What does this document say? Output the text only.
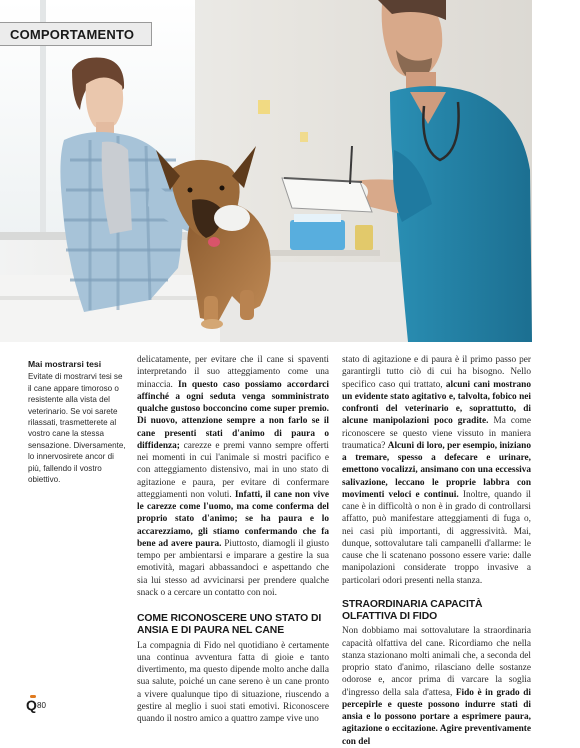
COMPORTAMENTO

Mai mostrarsi tesi

Evitate di mostrarvi tesi se il cane appare timoroso o resistente alla vista del veterinario. Se voi sarete rilassati, trasmetterete al vostro cane la stessa sensazione. Diversamente, lo innervosirete ancor di più, fallendo il vostro obiettivo.

delicatamente, per evitare che il cane si spaventi interpretando il suo atteggiamento come una minaccia. In questo caso possiamo accordarci affinché a ogni seduta venga somministrato qualche gustoso bocconcino come super premio. Di nuovo, attenzione sempre a non farlo se il cane presenti stati d'animo di paura o diffidenza; carezze e premi vanno sempre offerti nei momenti in cui l'animale si mostri pacifico e con atteggiamento distensivo, mai in uno stato di agitazione e paura, per evitare di confermare atteggiamenti non voluti. Infatti, il cane non vive le carezze come l'uomo, ma come conferma del proprio stato d'animo; se ha paura e lo accarezziamo, gli stiamo confermando che fa bene ad avere paura. Piuttosto, diamogli il giusto tempo per ambientarsi e imparare a gestire la sua emotività, magari abbassandoci e aspettando che sia lui stesso ad avvicinarsi per prendere qualche snack o a cercare un contatto con noi.

COME RICONOSCERE UNO STATO DI ANSIA E DI PAURA NEL CANE

La compagnia di Fido nel quotidiano è certamente una continua avventura fatta di gioie e tanto divertimento, ma questo dipende molto anche dalla sua salute, poiché un cane sereno è un cane pronto a vivere qualunque tipo di situazione, riuscendo a gestire al meglio i suoi stati emotivi. Riconoscere quando il nostro amico a quattro zampe vive uno

stato di agitazione e di paura è il primo passo per garantirgli tutto ciò di cui ha bisogno. Nello specifico caso qui trattato, alcuni cani mostrano un evidente stato agitativo e, talvolta, fobico nei confronti del veterinario e, soprattutto, di alcune manipolazioni poco gradite. Ma come riconoscere se questo viene vissuto in maniera traumatica? Alcuni di loro, per esempio, iniziano a tremare, spesso a defecare e urinare, emettono vocalizzi, ansimano con una eccessiva salivazione, leccano le proprie labbra con movimenti veloci e continui. Inoltre, quando il cane è in difficoltà o non è in grado di controllarsi affatto, può manifestare atteggiamenti di fuga o, nei casi più importanti, di aggressività. Mai, dunque, sottovalutare tali campanelli d'allarme: le cause che li scatenano possono essere varie: dalle manipolazioni considerate troppo invasive a particolari odori presenti nella stanza.

STRAORDINARIA CAPACITÀ OLFATTIVA DI FIDO

Non dobbiamo mai sottovalutare la straordinaria capacità olfattiva del cane. Ricordiamo che nella stanza stazionano molti animali che, a seconda del proprio stato d'animo, rilasciano delle sostanze odorose e, ancor prima di varcare la soglia d'ingresso della sala d'attesa, Fido è in grado di percepirle e queste possono indurre stati di ansia e lo possono portare a esprimere paura, agitazione o eccitazione. Agire preventivamente con del

Q 80
